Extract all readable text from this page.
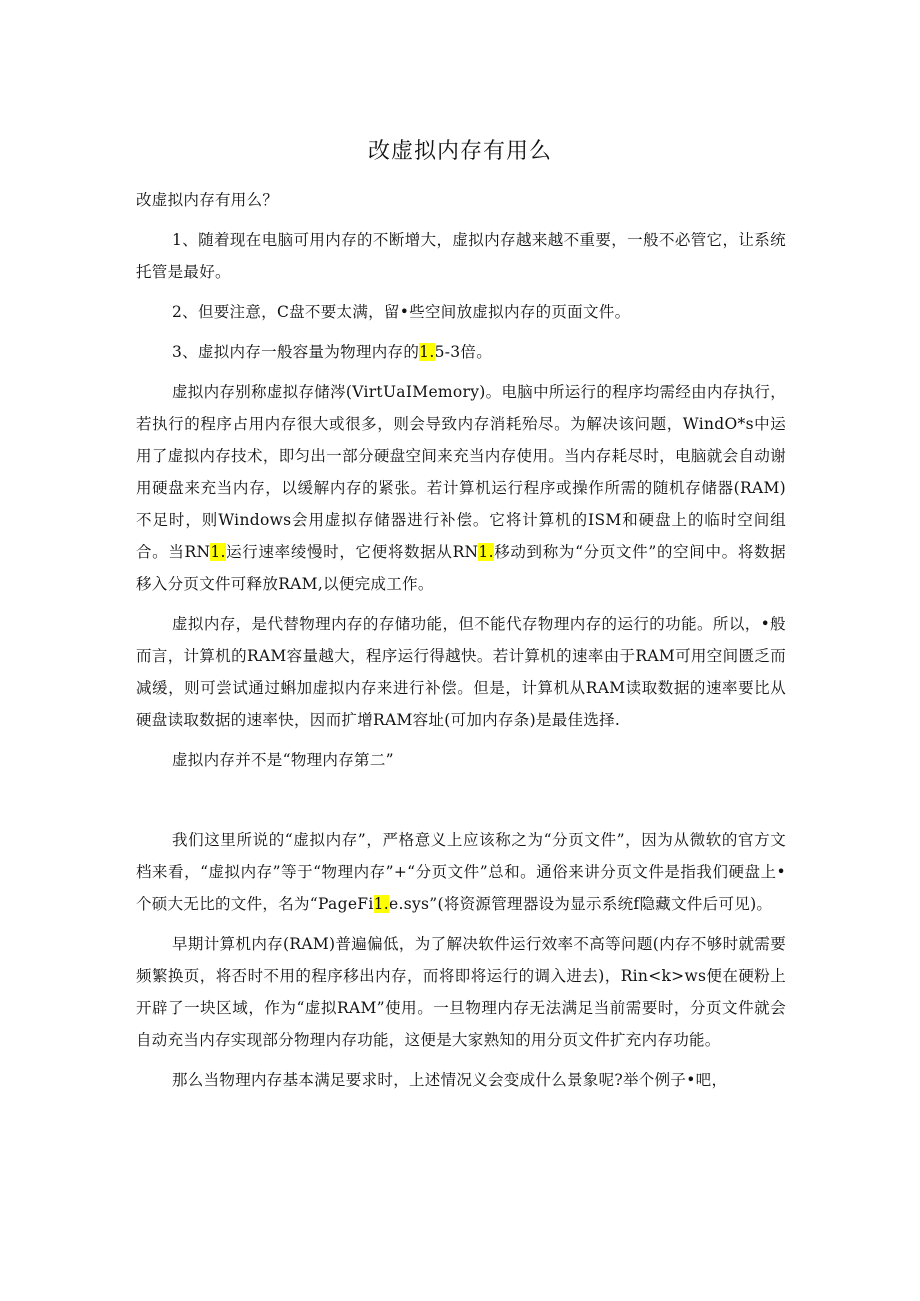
改虚拟内存有用么

改虚拟内存有用么？

1、随着现在电脑可用内存的不断增大，虚拟内存越来越不重要，一般不必管它，让系统托管是最好。

2、但要注意，C盘不要太满，留•些空间放虚拟内存的页面文件。

3、虚拟内存一般容量为物理内存的1.5-3倍。

虚拟内存别称虚拟存储涔(VirtUaIMemory)。电脑中所运行的程序均需经由内存执行，若执行的程序占用内存很大或很多，则会导致内存消耗殆尽。为解决该问题，WindO*s中运用了虚拟内存技术，即匀出一部分硬盘空间来充当内存使用。当内存耗尽时，电脑就会自动谢用硬盘来充当内存，以缓解内存的紧张。若计算机运行程序或操作所需的随机存储器(RAM)不足时，则Windows会用虚拟存储器进行补偿。它将计算机的ISM和硬盘上的临时空间组合。当RN1.运行速率绫慢时，它便将数据从RN1.移动到称为“分页文件”的空间中。将数据移入分页文件可释放RAM,以便完成工作。

虚拟内存，是代替物理内存的存储功能，但不能代存物理内存的运行的功能。所以，•般而言，计算机的RAM容量越大，程序运行得越快。若计算机的速率由于RAM可用空间匮乏而减缓，则可尝试通过蝌加虚拟内存来进行补偿。但是，计算机从RAM读取数据的速率要比从硬盘读取数据的速率快，因而扩增RAM容址(可加内存条)是最佳选择.

虚拟内存并不是“物理内存第二”

我们这里所说的“虚拟内存”，严格意义上应该称之为“分页文件”，因为从微软的官方文档来看，“虚拟内存”等于“物理内存”+“分页文件”总和。通俗来讲分页文件是指我们硬盘上•个硕大无比的文件，名为“PageFi1.e.sys”(将资源管理器设为显示系统f隐藏文件后可见)。

早期计算机内存(RAM)普遍偏低，为了解决软件运行效率不高等问题(内存不够时就需要频繁换页，将否时不用的程序移出内存，而将即将运行的调入进去)，Rin<k>ws便在硬粉上开辟了一块区域，作为“虚拟RAM”使用。一旦物理内存无法满足当前需要时，分页文件就会自动充当内存实现部分物理内存功能，这便是大家熟知的用分页文件扩充内存功能。

那么当物理内存基本满足要求时，上述情况义会变成什么景象呢?举个例子•吧，
